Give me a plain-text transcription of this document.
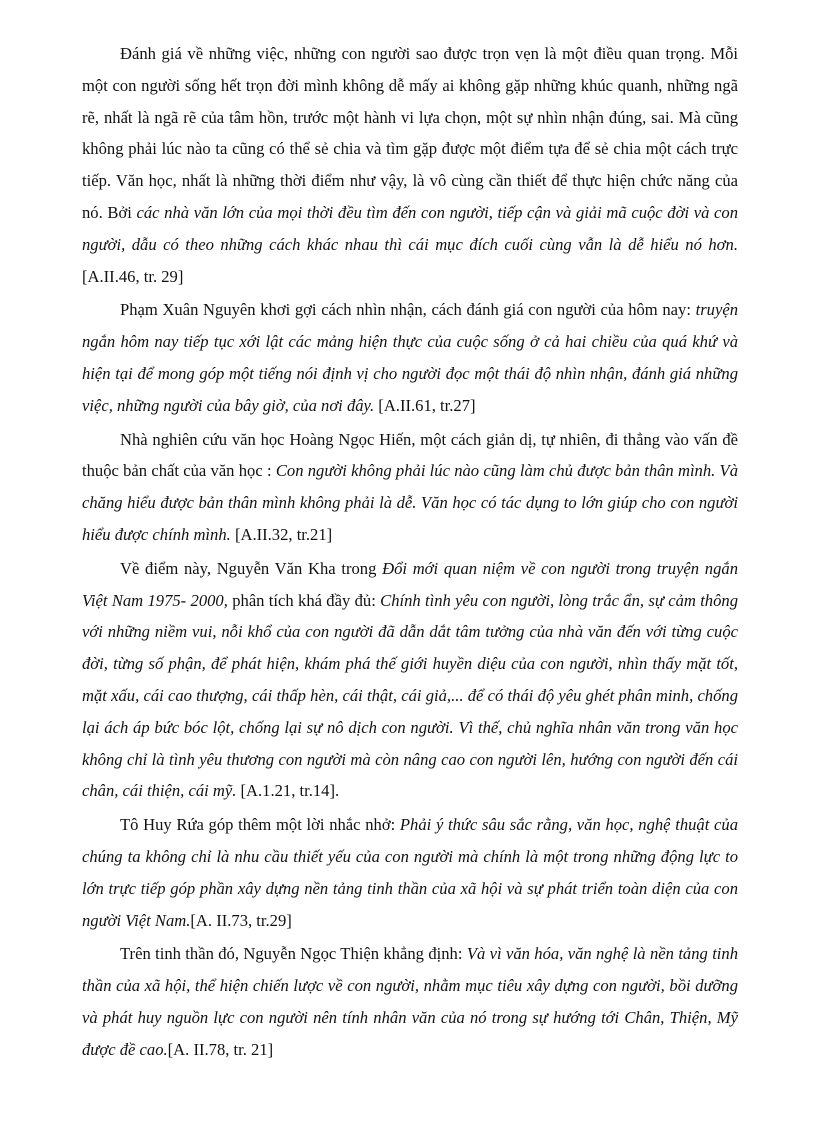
Đánh giá về những việc, những con người sao được trọn vẹn là một điều quan trọng. Mỗi một con người sống hết trọn đời mình không dễ mấy ai không gặp những khúc quanh, những ngã rẽ, nhất là ngã rẽ của tâm hồn, trước một hành vi lựa chọn, một sự nhìn nhận đúng, sai. Mà cũng không phải lúc nào ta cũng có thể sẻ chia và tìm gặp được một điểm tựa để sẻ chia một cách trực tiếp. Văn học, nhất là những thời điểm như vậy, là vô cùng cần thiết để thực hiện chức năng của nó. Bởi các nhà văn lớn của mọi thời đều tìm đến con người, tiếp cận và giải mã cuộc đời và con người, dẫu có theo những cách khác nhau thì cái mục đích cuối cùng vẫn là dễ hiểu nó hơn.[A.II.46, tr. 29]

Phạm Xuân Nguyên khơi gợi cách nhìn nhận, cách đánh giá con người của hôm nay: truyện ngắn hôm nay tiếp tục xới lật các mảng hiện thực của cuộc sống ở cả hai chiều của quá khứ và hiện tại để mong góp một tiếng nói định vị cho người đọc một thái độ nhìn nhận, đánh giá những việc, những người của bây giờ, của nơi đây. [A.II.61, tr.27]

Nhà nghiên cứu văn học Hoàng Ngọc Hiến, một cách giản dị, tự nhiên, đi thẳng vào vấn đề thuộc bản chất của văn học : Con người không phải lúc nào cũng làm chủ được bản thân mình. Và chăng hiểu được bản thân mình không phải là dễ. Văn học có tác dụng to lớn giúp cho con người hiểu được chính mình. [A.II.32, tr.21]

Về điểm này, Nguyễn Văn Kha trong Đổi mới quan niệm về con người trong truyện ngắn Việt Nam 1975- 2000, phân tích khá đầy đủ: Chính tình yêu con người, lòng trắc ẩn, sự cảm thông với những niềm vui, nỗi khổ của con người đã dẫn dắt tâm tưởng của nhà văn đến với từng cuộc đời, từng số phận, để phát hiện, khám phá thế giới huyền diệu của con người, nhìn thấy mặt tốt, mặt xấu, cái cao thượng, cái thấp hèn, cái thật, cái giả,... để có thái độ yêu ghét phân minh, chống lại ách áp bức bóc lột, chống lại sự nô dịch con người. Vì thế, chủ nghĩa nhân văn trong văn học không chỉ là tình yêu thương con người mà còn nâng cao con người lên, hướng con người đến cái chân, cái thiện, cái mỹ. [A.1.21, tr.14].

Tô Huy Rứa góp thêm một lời nhắc nhở: Phải ý thức sâu sắc rằng, văn học, nghệ thuật của chúng ta không chỉ là nhu cầu thiết yếu của con người mà chính là một trong những động lực to lớn trực tiếp góp phần xây dựng nền tảng tinh thần của xã hội và sự phát triển toàn diện của con người Việt Nam.[A. II.73, tr.29]

Trên tinh thần đó, Nguyễn Ngọc Thiện khẳng định: Và vì văn hóa, văn nghệ là nền tảng tinh thần của xã hội, thể hiện chiến lược về con người, nhằm mục tiêu xây dựng con người, bồi dưỡng và phát huy nguồn lực con người nên tính nhân văn của nó trong sự hướng tới Chân, Thiện, Mỹ được đề cao.[A. II.78, tr. 21]
